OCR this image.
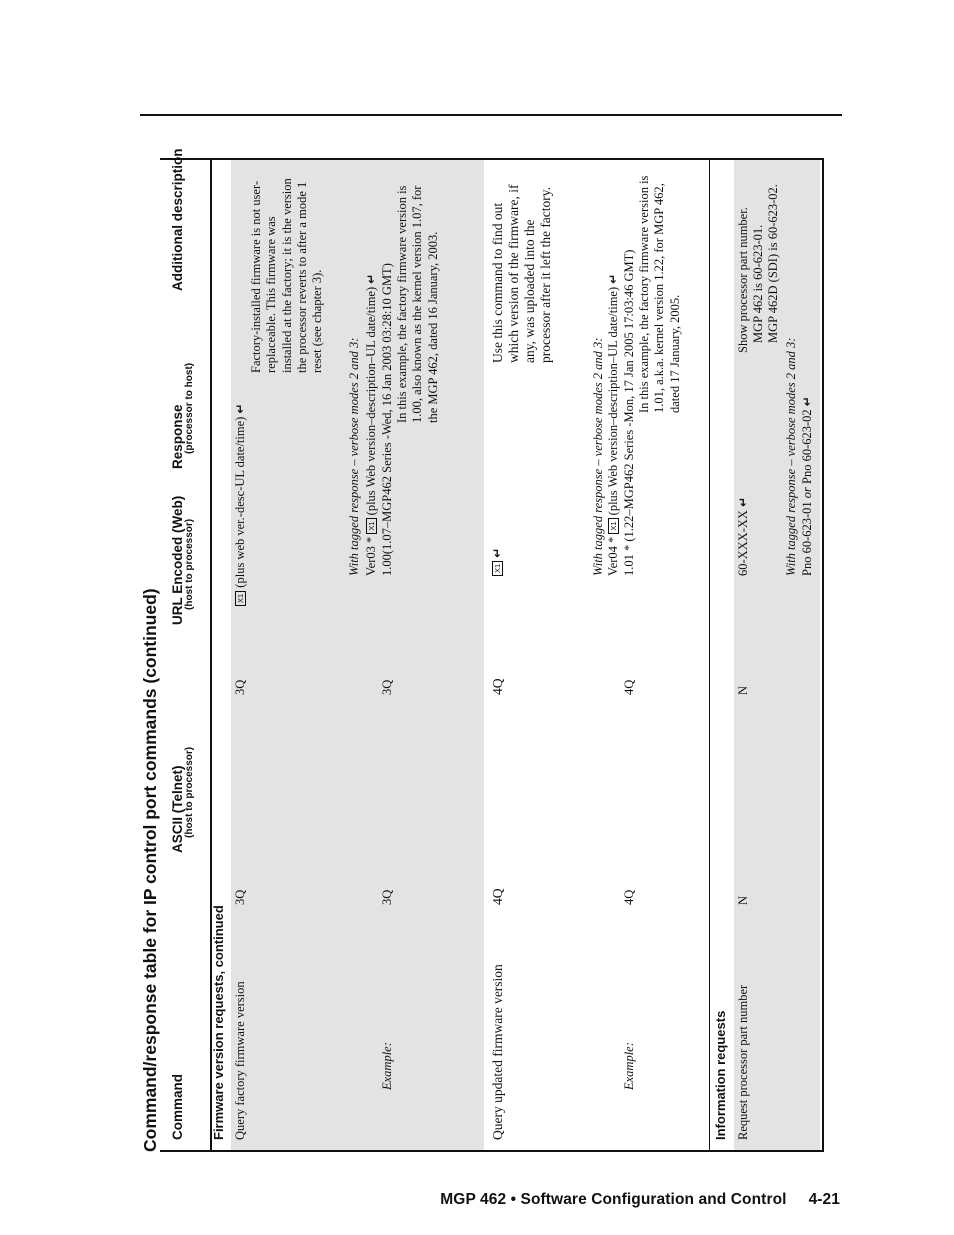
Command/response table for IP control port commands (continued) Command
ASCII (Telnet) (host to processor)
URL Encoded (Web) (host to processor)
Response (processor to host)
Additional description
Firmware version requests, continued Query factory firmware version
3Q
3Q
X1 (plus web ver.-desc-UL date/time) ↵
Factory-installed firmware is not user-replaceable. This firmware was installed at the factory; it is the version the processor reverts to after a mode 1 reset (see chapter 3).
With tagged response – verbose modes 2 and 3: Ver03 * X1 (plus Web version–description–UL date/time) ↵
Example:
3Q
3Q
1.00(1.07–MGP462 Series -Wed, 16 Jan 2003 03:28:10 GMT) In this example, the factory firmware version is 1.00, also known as the kernel version 1.07, for the MGP 462, dated 16 January, 2003.
Query updated firmware version
4Q
4Q
X1 ↵
Use this command to find out which version of the firmware, if any, was uploaded into the processor after it left the factory.
With tagged response – verbose modes 2 and 3: Ver04 * X1 (plus Web version–description–UL date/time) ↵
Example:
4Q
4Q
1.01 * (1.22–MGP462 Series -Mon, 17 Jan 2005 17:03:46 GMT) In this example, the factory firmware version is 1.01, a.k.a. kernel version 1.22, for MGP 462, dated 17 January, 2005.
Information requests Request processor part number
N
N
60-XXX-XX ↵
Show processor part number. MGP 462 is 60-623-01. MGP 462D (SDI) is 60-623-02.
With tagged response – verbose modes 2 and 3: Pno 60-623-01 or Pno 60-623-02 ↵
MGP 462 • Software Configuration and Control 4-21
